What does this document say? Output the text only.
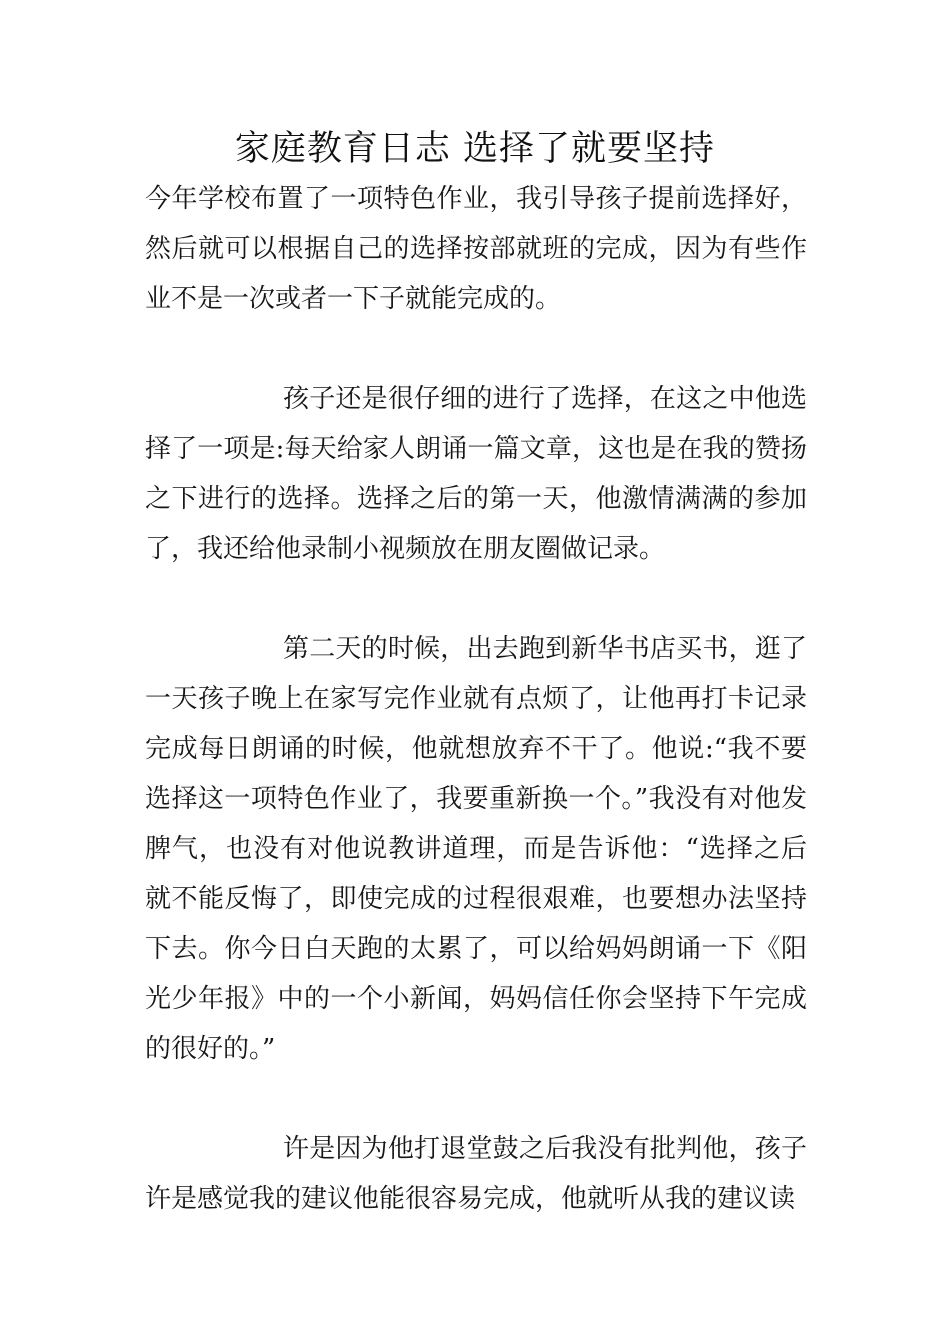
家庭教育日志 选择了就要坚持

今年学校布置了一项特色作业，我引导孩子提前选择好，然后就可以根据自己的选择按部就班的完成，因为有些作业不是一次或者一下子就能完成的。

孩子还是很仔细的进行了选择，在这之中他选择了一项是:每天给家人朗诵一篇文章，这也是在我的赞扬之下进行的选择。选择之后的第一天，他激情满满的参加了，我还给他录制小视频放在朋友圈做记录。

第二天的时候，出去跑到新华书店买书，逛了一天孩子晚上在家写完作业就有点烦了，让他再打卡记录完成每日朗诵的时候，他就想放弃不干了。他说:“我不要选择这一项特色作业了，我要重新换一个。”我没有对他发脾气，也没有对他说教讲道理，而是告诉他：“选择之后就不能反悔了，即使完成的过程很艰难，也要想办法坚持下去。你今日白天跑的太累了，可以给妈妈朗诵一下《阳光少年报》中的一个小新闻，妈妈信任你会坚持下午完成的很好的。”

许是因为他打退堂鼓之后我没有批判他，孩子许是感觉我的建议他能很容易完成，他就听从我的建议读
